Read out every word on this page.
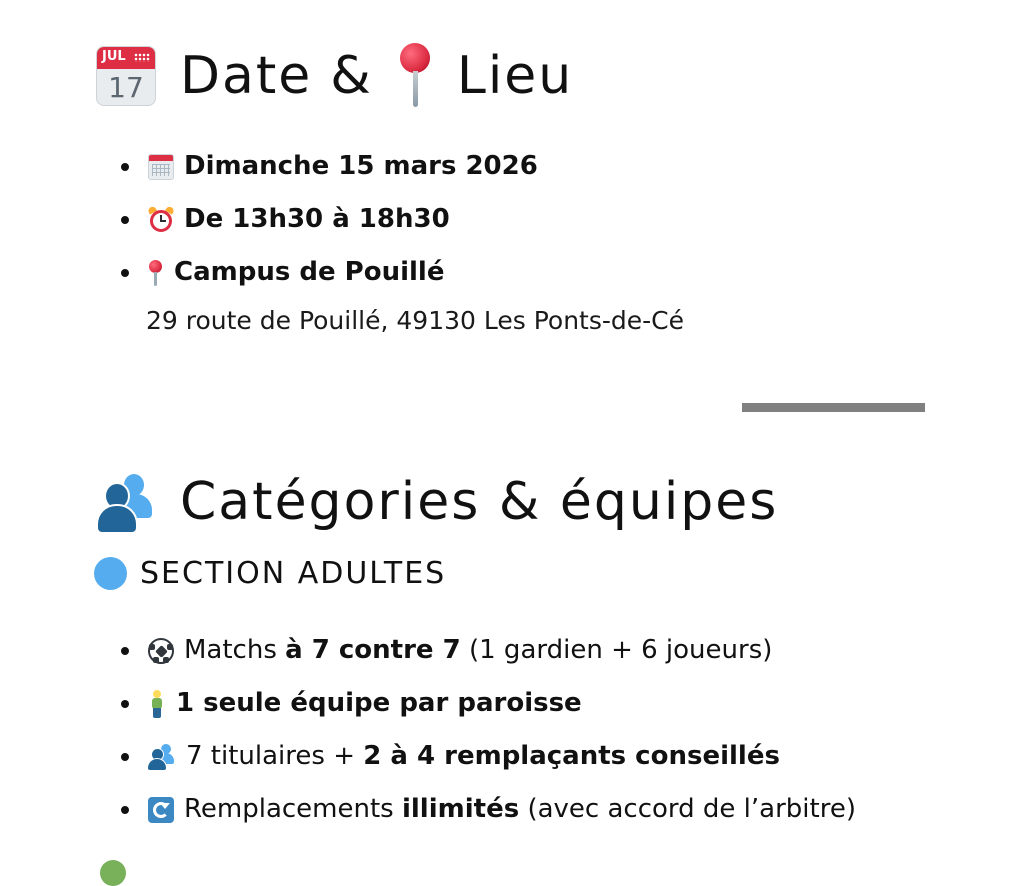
JUL
17 Date & Lieu
Dimanche 15 mars 2026
De 13h30 à 18h30
Campus de Pouillé
29 route de Pouillé, 49130 Les Ponts-de-Cé
Catégories & équipes
SECTION ADULTES
Matchs à 7 contre 7 (1 gardien + 6 joueurs)
1 seule équipe par paroisse
7 titulaires + 2 à 4 remplaçants conseillés
Remplacements illimités (avec accord de l’arbitre)
